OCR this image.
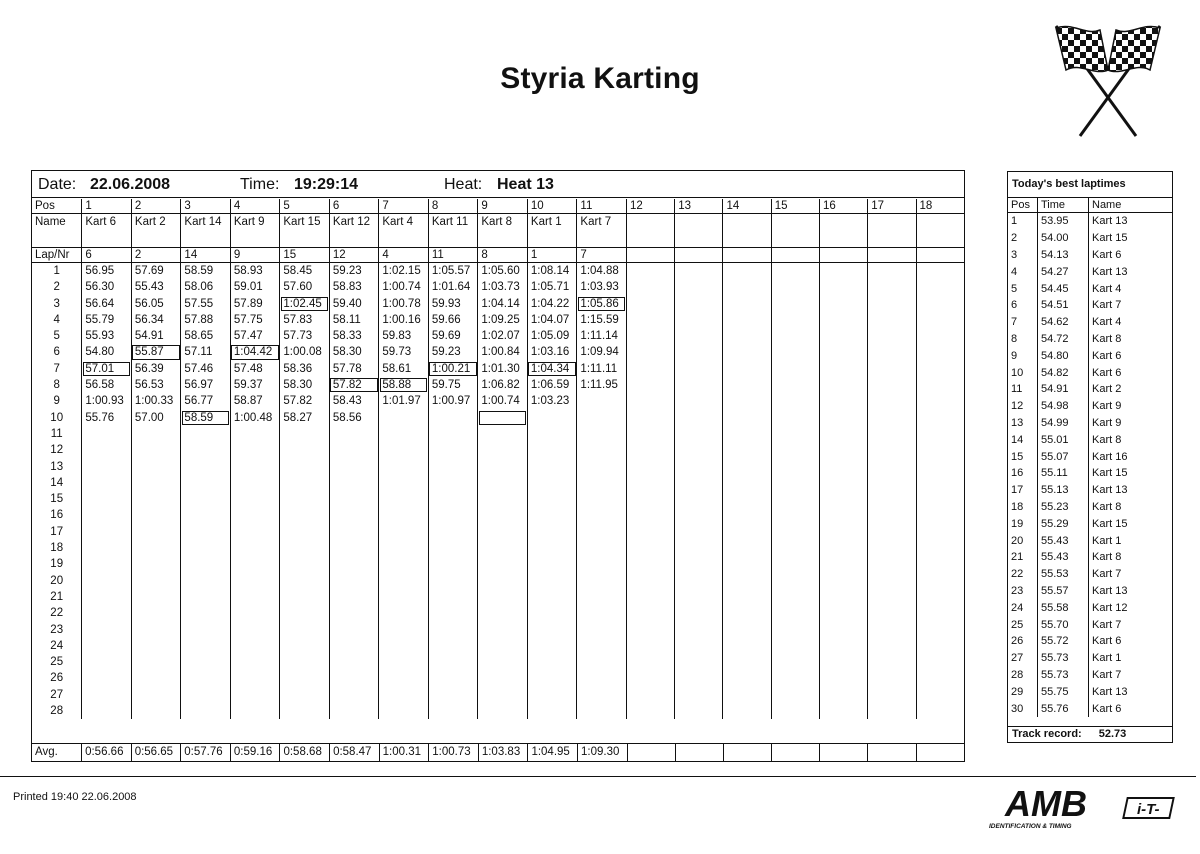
Styria Karting
Date: 22.06.2008	Time: 19:29:14	Heat: Heat 13
Pos	1	2	3	4	5	6	7	8	9	10	11	12	13	14	15	16	17	18
Name	Kart 6	Kart 2	Kart 14	Kart 9	Kart 15	Kart 12	Kart 4	Kart 11	Kart 8	Kart 1	Kart 7							
Lap/Nr	6	2	14	9	15	12	4	11	8	1	7							
1	56.95	57.69	58.59	58.93	58.45	59.23	1:02.15	1:05.57	1:05.60	1:08.14	1:04.88							
2	56.30	55.43	58.06	59.01	57.60	58.83	1:00.74	1:01.64	1:03.73	1:05.71	1:03.93							
3	56.64	56.05	57.55	57.89	1:02.45	59.40	1:00.78	59.93	1:04.14	1:04.22	1:05.86							
4	55.79	56.34	57.88	57.75	57.83	58.11	1:00.16	59.66	1:09.25	1:04.07	1:15.59							
5	55.93	54.91	58.65	57.47	57.73	58.33	59.83	59.69	1:02.07	1:05.09	1:11.14							
6	54.80	55.87	57.11	1:04.42	1:00.08	58.30	59.73	59.23	1:00.84	1:03.16	1:09.94							
7	57.01	56.39	57.46	57.48	58.36	57.78	58.61	1:00.21	1:01.30	1:04.34	1:11.11							
8	56.58	56.53	56.97	59.37	58.30	57.82	58.88	59.75	1:06.82	1:06.59	1:11.95							
9	1:00.93	1:00.33	56.77	58.87	57.82	58.43	1:01.97	1:00.97	1:00.74	1:03.23								
10	55.76	57.00	58.59	1:00.48	58.27	58.56												
11																		
12																		
13																		
14																		
15																		
16																		
17																		
18																		
19																		
20																		
21																		
22																		
23																		
24																		
25																		
26																		
27																		
28																		
Avg.	0:56.66	0:56.65	0:57.76	0:59.16	0:58.68	0:58.47	1:00.31	1:00.73	1:03.83	1:04.95	1:09.30							
Today's best laptimes
Pos	Time	Name
1	53.95	Kart 13
2	54.00	Kart 15
3	54.13	Kart 6
4	54.27	Kart 13
5	54.45	Kart 4
6	54.51	Kart 7
7	54.62	Kart 4
8	54.72	Kart 8
9	54.80	Kart 6
10	54.82	Kart 6
11	54.91	Kart 2
12	54.98	Kart 9
13	54.99	Kart 9
14	55.01	Kart 8
15	55.07	Kart 16
16	55.11	Kart 15
17	55.13	Kart 13
18	55.23	Kart 8
19	55.29	Kart 15
20	55.43	Kart 1
21	55.43	Kart 8
22	55.53	Kart 7
23	55.57	Kart 13
24	55.58	Kart 12
25	55.70	Kart 7
26	55.72	Kart 6
27	55.73	Kart 1
28	55.73	Kart 7
29	55.75	Kart 13
30	55.76	Kart 6
Track record: 52.73
Printed 19:40 22.06.2008	AMB	i-T-
IDENTIFICATION & TIMING
